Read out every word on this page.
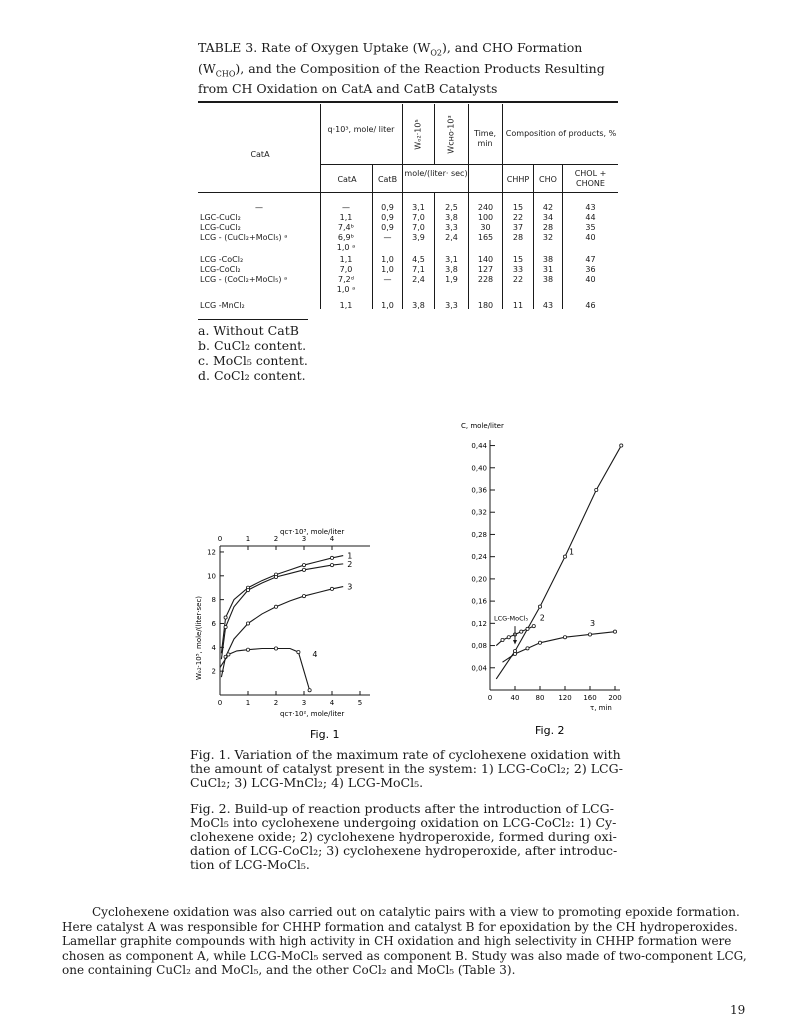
TABLE 3. Rate of Oxygen Uptake $(W_{O2})$, and CHO Formation
$(W_{CHO})$, and the Composition of the Reaction Products Resulting
from CH Oxidation on CatA and CatB Catalysts
CatA
q·10³, mole/ liter	Wₒ₂·10⁵	Wᴄʜᴏ·10³	Time, min
Composition of products, %
CatA	CatB
mole/(liter· sec)
CHHP	CHO
CHOL + CHONE
—	—	0,9	3,1	2,5	240	15	42	43
LGC-CuCl₂	1,1	0,9	7,0	3,8	100	22	34	44
LCG-CuCl₂	7,4ᵇ	0,9	7,0	3,3	30	37	28	35
LCG - (CuCl₂+MoCl₅) ᵃ	6,9ᵇ	—	3,9	2,4	165	28	32	40
1,0 ᵃ
LCG -CoCl₂	1,1	1,0	4,5	3,1	140	15	38	47
LCG-CoCl₂	7,0	1,0	7,1	3,8	127	33	31	36
LCG - (CoCl₂+MoCl₅) ᵃ	7,2ᵈ	—	2,4	1,9	228	22	38	40
1,0 ᵃ
LCG -MnCl₂	1,1	1,0	3,8	3,3	180	11	43	46
a. Without CatB
b. CuCl₂ content.
c. MoCl₅ content.
d. CoCl₂ content.
qᴄᴛ·10³, mole/liter
Fig. 1
qᴄᴛ·10², mole/liter
Wₒ₂·10⁵, mole/(liter·sec)
0	1	2	3	4
0	1	2	3	4	5
2
4
6
8
10
12	1
2
3
4
C, mole/liter
τ, min
Fig. 2
0,04
0,08
0,12
0,16
0,20
0,24
0,28
0,32
0,36
0,40
0,44
0	40 80 120 160 200
1
2
3
LCG-MoCl₅
Fig. 1. Variation of the maximum rate of cyclohexene oxidation with
the amount of catalyst present in the system: 1) LCG-CoCl₂; 2) LCG-
CuCl₂; 3) LCG-MnCl₂; 4) LCG-MoCl₅.
Fig. 2. Build-up of reaction products after the introduction of LCG-
MoCl₅ into cyclohexene undergoing oxidation on LCG-CoCl₂: 1) Cy-
clohexene oxide; 2) cyclohexene hydroperoxide, formed during oxi-
dation of LCG-CoCl₂; 3) cyclohexene hydroperoxide, after introduc-
tion of LCG-MoCl₅.
Cyclohexene oxidation was also carried out on catalytic pairs with a view to promoting epoxide formation.
Here catalyst A was responsible for CHHP formation and catalyst B for epoxidation by the CH hydroperoxides.
Lamellar graphite compounds with high activity in CH oxidation and high selectivity in CHHP formation were
chosen as component A, while LCG-MoCl₅ served as component B. Study was also made of two-component LCG,
one containing CuCl₂ and MoCl₅, and the other CoCl₂ and MoCl₅ (Table 3).
19
